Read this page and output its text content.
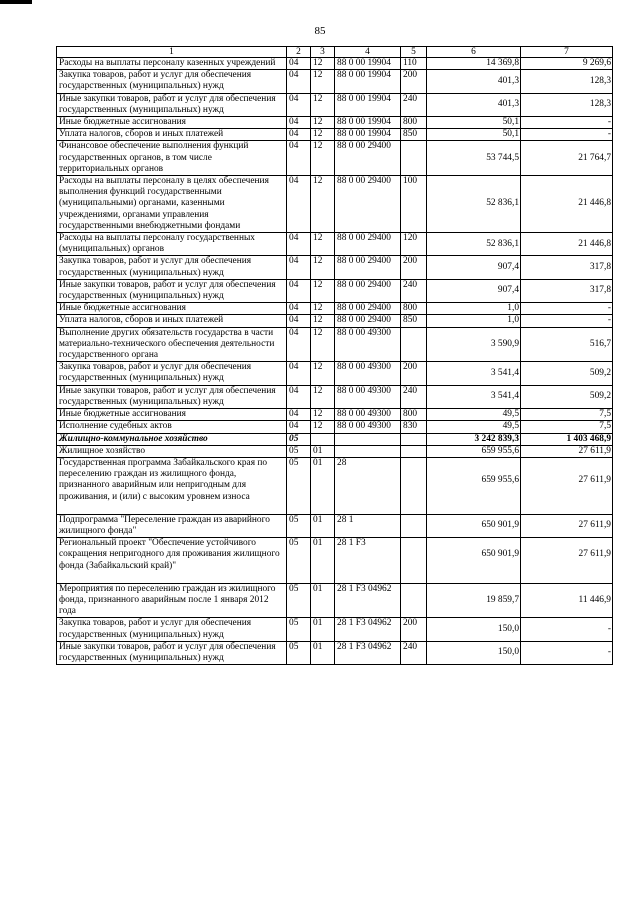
85
1	2	3	4	5	6	7
Расходы на выплаты персоналу казенных учреждений	04	12	88 0 00 19904	110	14 369,8	9 269,6
Закупка товаров, работ и услуг для обеспечения государственных (муниципальных) нужд	04	12	88 0 00 19904	200	401,3	128,3
Иные закупки товаров, работ и услуг для обеспечения государственных (муниципальных) нужд	04	12	88 0 00 19904	240	401,3	128,3
Иные бюджетные ассигнования	04	12	88 0 00 19904	800	50,1	-
Уплата налогов, сборов и иных платежей	04	12	88 0 00 19904	850	50,1	-
Финансовое обеспечение выполнения функций государственных органов, в том числе территориальных органов	04	12	88 0 00 29400		53 744,5	21 764,7
Расходы на выплаты персоналу в целях обеспечения выполнения функций государственными (муниципальными) органами, казенными учреждениями, органами управления государственными внебюджетными фондами	04	12	88 0 00 29400	100	52 836,1	21 446,8
Расходы на выплаты персоналу государственных (муниципальных) органов	04	12	88 0 00 29400	120	52 836,1	21 446,8
Закупка товаров, работ и услуг для обеспечения государственных (муниципальных) нужд	04	12	88 0 00 29400	200	907,4	317,8
Иные закупки товаров, работ и услуг для обеспечения государственных (муниципальных) нужд	04	12	88 0 00 29400	240	907,4	317,8
Иные бюджетные ассигнования	04	12	88 0 00 29400	800	1,0	-
Уплата налогов, сборов и иных платежей	04	12	88 0 00 29400	850	1,0	-
Выполнение других обязательств государства в части материально-технического обеспечения деятельности государственного органа	04	12	88 0 00 49300		3 590,9	516,7
Закупка товаров, работ и услуг для обеспечения государственных (муниципальных) нужд	04	12	88 0 00 49300	200	3 541,4	509,2
Иные закупки товаров, работ и услуг для обеспечения государственных (муниципальных) нужд	04	12	88 0 00 49300	240	3 541,4	509,2
Иные бюджетные ассигнования	04	12	88 0 00 49300	800	49,5	7,5
Исполнение судебных актов	04	12	88 0 00 49300	830	49,5	7,5
Жилищно-коммунальное хозяйство	05				3 242 839,3	1 403 468,9
Жилищное хозяйство	05	01			659 955,6	27 611,9
Государственная программа Забайкальского края по переселению граждан из жилищного фонда, признанного аварийным или непригодным для проживания, и (или) с высоким уровнем износа	05	01	28		659 955,6	27 611,9
Подпрограмма "Переселение граждан из аварийного жилищного фонда"	05	01	28 1		650 901,9	27 611,9
Региональный проект "Обеспечение устойчивого сокращения непригодного для проживания жилищного фонда (Забайкальский край)"	05	01	28 1 F3		650 901,9	27 611,9
Мероприятия по переселению граждан из жилищного фонда, признанного аварийным после 1 января 2012 года	05	01	28 1 F3 04962		19 859,7	11 446,9
Закупка товаров, работ и услуг для обеспечения государственных (муниципальных) нужд	05	01	28 1 F3 04962	200	150,0	-
Иные закупки товаров, работ и услуг для обеспечения государственных (муниципальных) нужд	05	01	28 1 F3 04962	240	150,0	-
